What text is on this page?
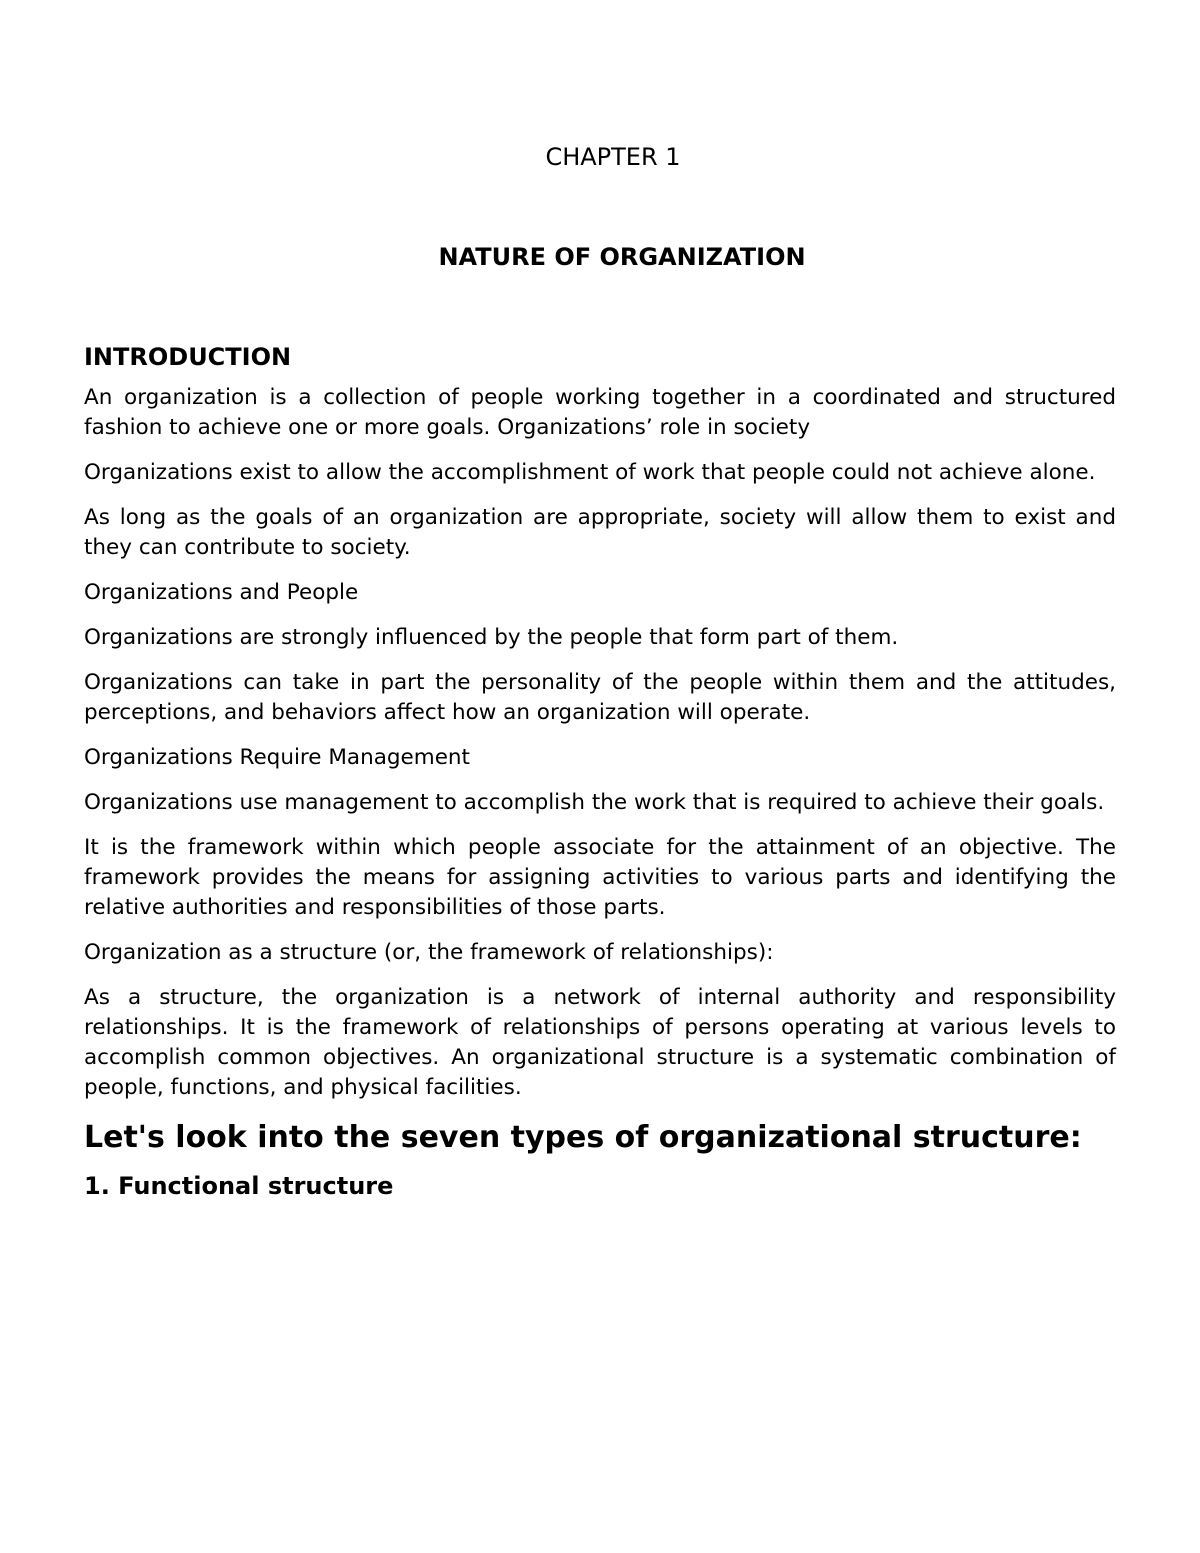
CHAPTER 1
NATURE OF ORGANIZATION
INTRODUCTION

An organization is a collection of people working together in a coordinated and structured fashion to achieve one or more goals. Organizations’ role in society

Organizations exist to allow the accomplishment of work that people could not achieve alone.

As long as the goals of an organization are appropriate, society will allow them to exist and they can contribute to society.

Organizations and People

Organizations are strongly influenced by the people that form part of them.

Organizations can take in part the personality of the people within them and the attitudes, perceptions, and behaviors affect how an organization will operate.

Organizations Require Management

Organizations use management to accomplish the work that is required to achieve their goals.

It is the framework within which people associate for the attainment of an objective. The framework provides the means for assigning activities to various parts and identifying the relative authorities and responsibilities of those parts.

Organization as a structure (or, the framework of relationships):

As a structure, the organization is a network of internal authority and responsibility relationships. It is the framework of relationships of persons operating at various levels to accomplish common objectives. An organizational structure is a systematic combination of people, functions, and physical facilities.

Let's look into the seven types of organizational structure:
1. Functional structure
